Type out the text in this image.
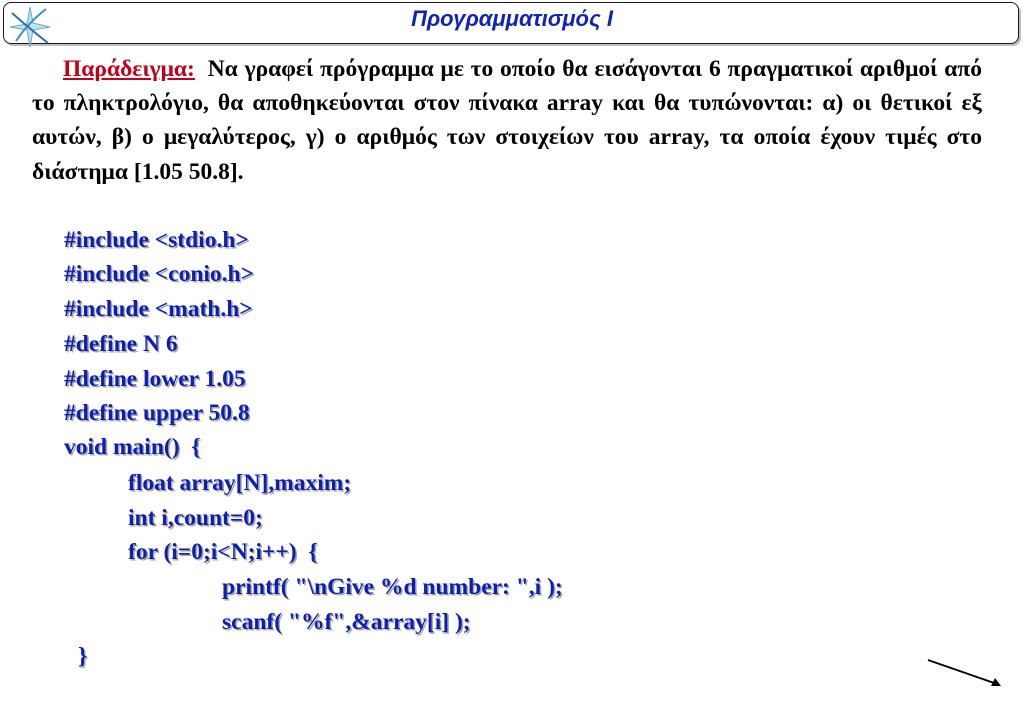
Προγραμματισμός Ι
Παράδειγμα: Να γραφεί πρόγραμμα με το οποίο θα εισάγονται 6 πραγματικοί αριθμοί από το πληκτρολόγιο, θα αποθηκεύονται στον πίνακα array και θα τυπώνονται: α) οι θετικοί εξ αυτών, β) ο μεγαλύτερος, γ) ο αριθμός των στοιχείων του array, τα οποία έχουν τιμές στο διάστημα [1.05 50.8].
#include <stdio.h>
#include <conio.h>
#include <math.h>
#define N 6
#define lower 1.05
#define upper 50.8
void main()  {
float array[N],maxim;
int i,count=0;
for (i=0;i<N;i++)  {
printf( "\nGive %d number: ",i );
scanf( "%f",&array[i] );
}
